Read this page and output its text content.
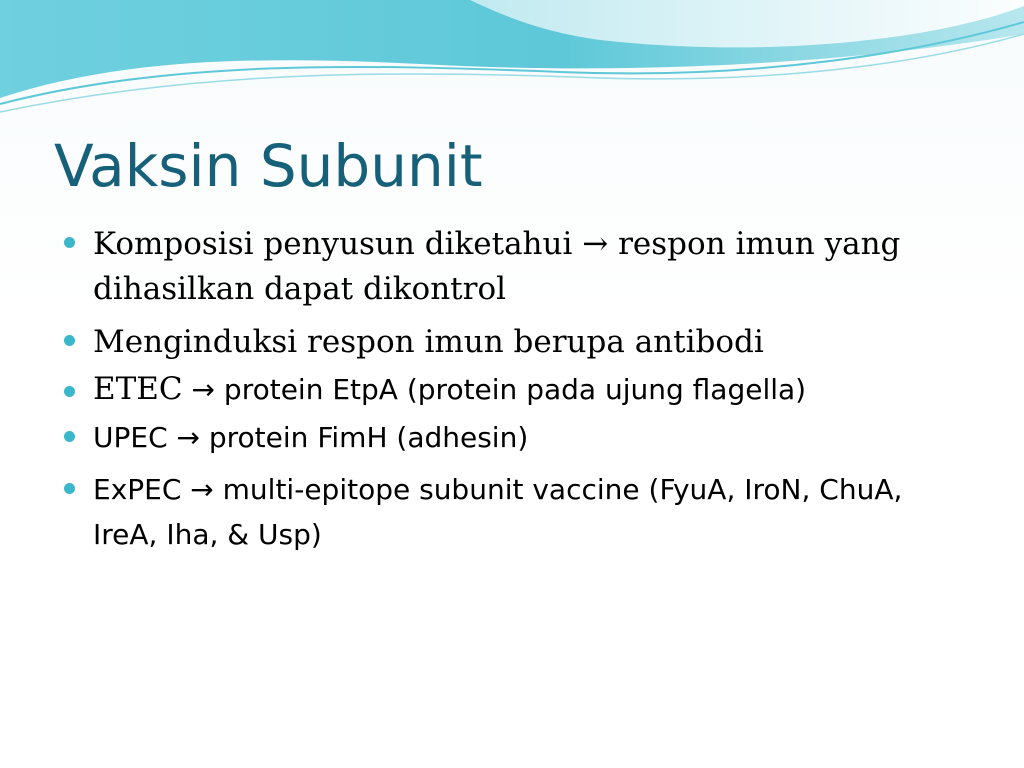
Vaksin Subunit
Komposisi penyusun diketahui → respon imun yang dihasilkan dapat dikontrol
Menginduksi respon imun berupa antibodi
ETEC → protein EtpA (protein pada ujung flagella)
UPEC → protein FimH (adhesin)
ExPEC → multi-epitope subunit vaccine (FyuA, IroN, ChuA, IreA, Iha, & Usp)
